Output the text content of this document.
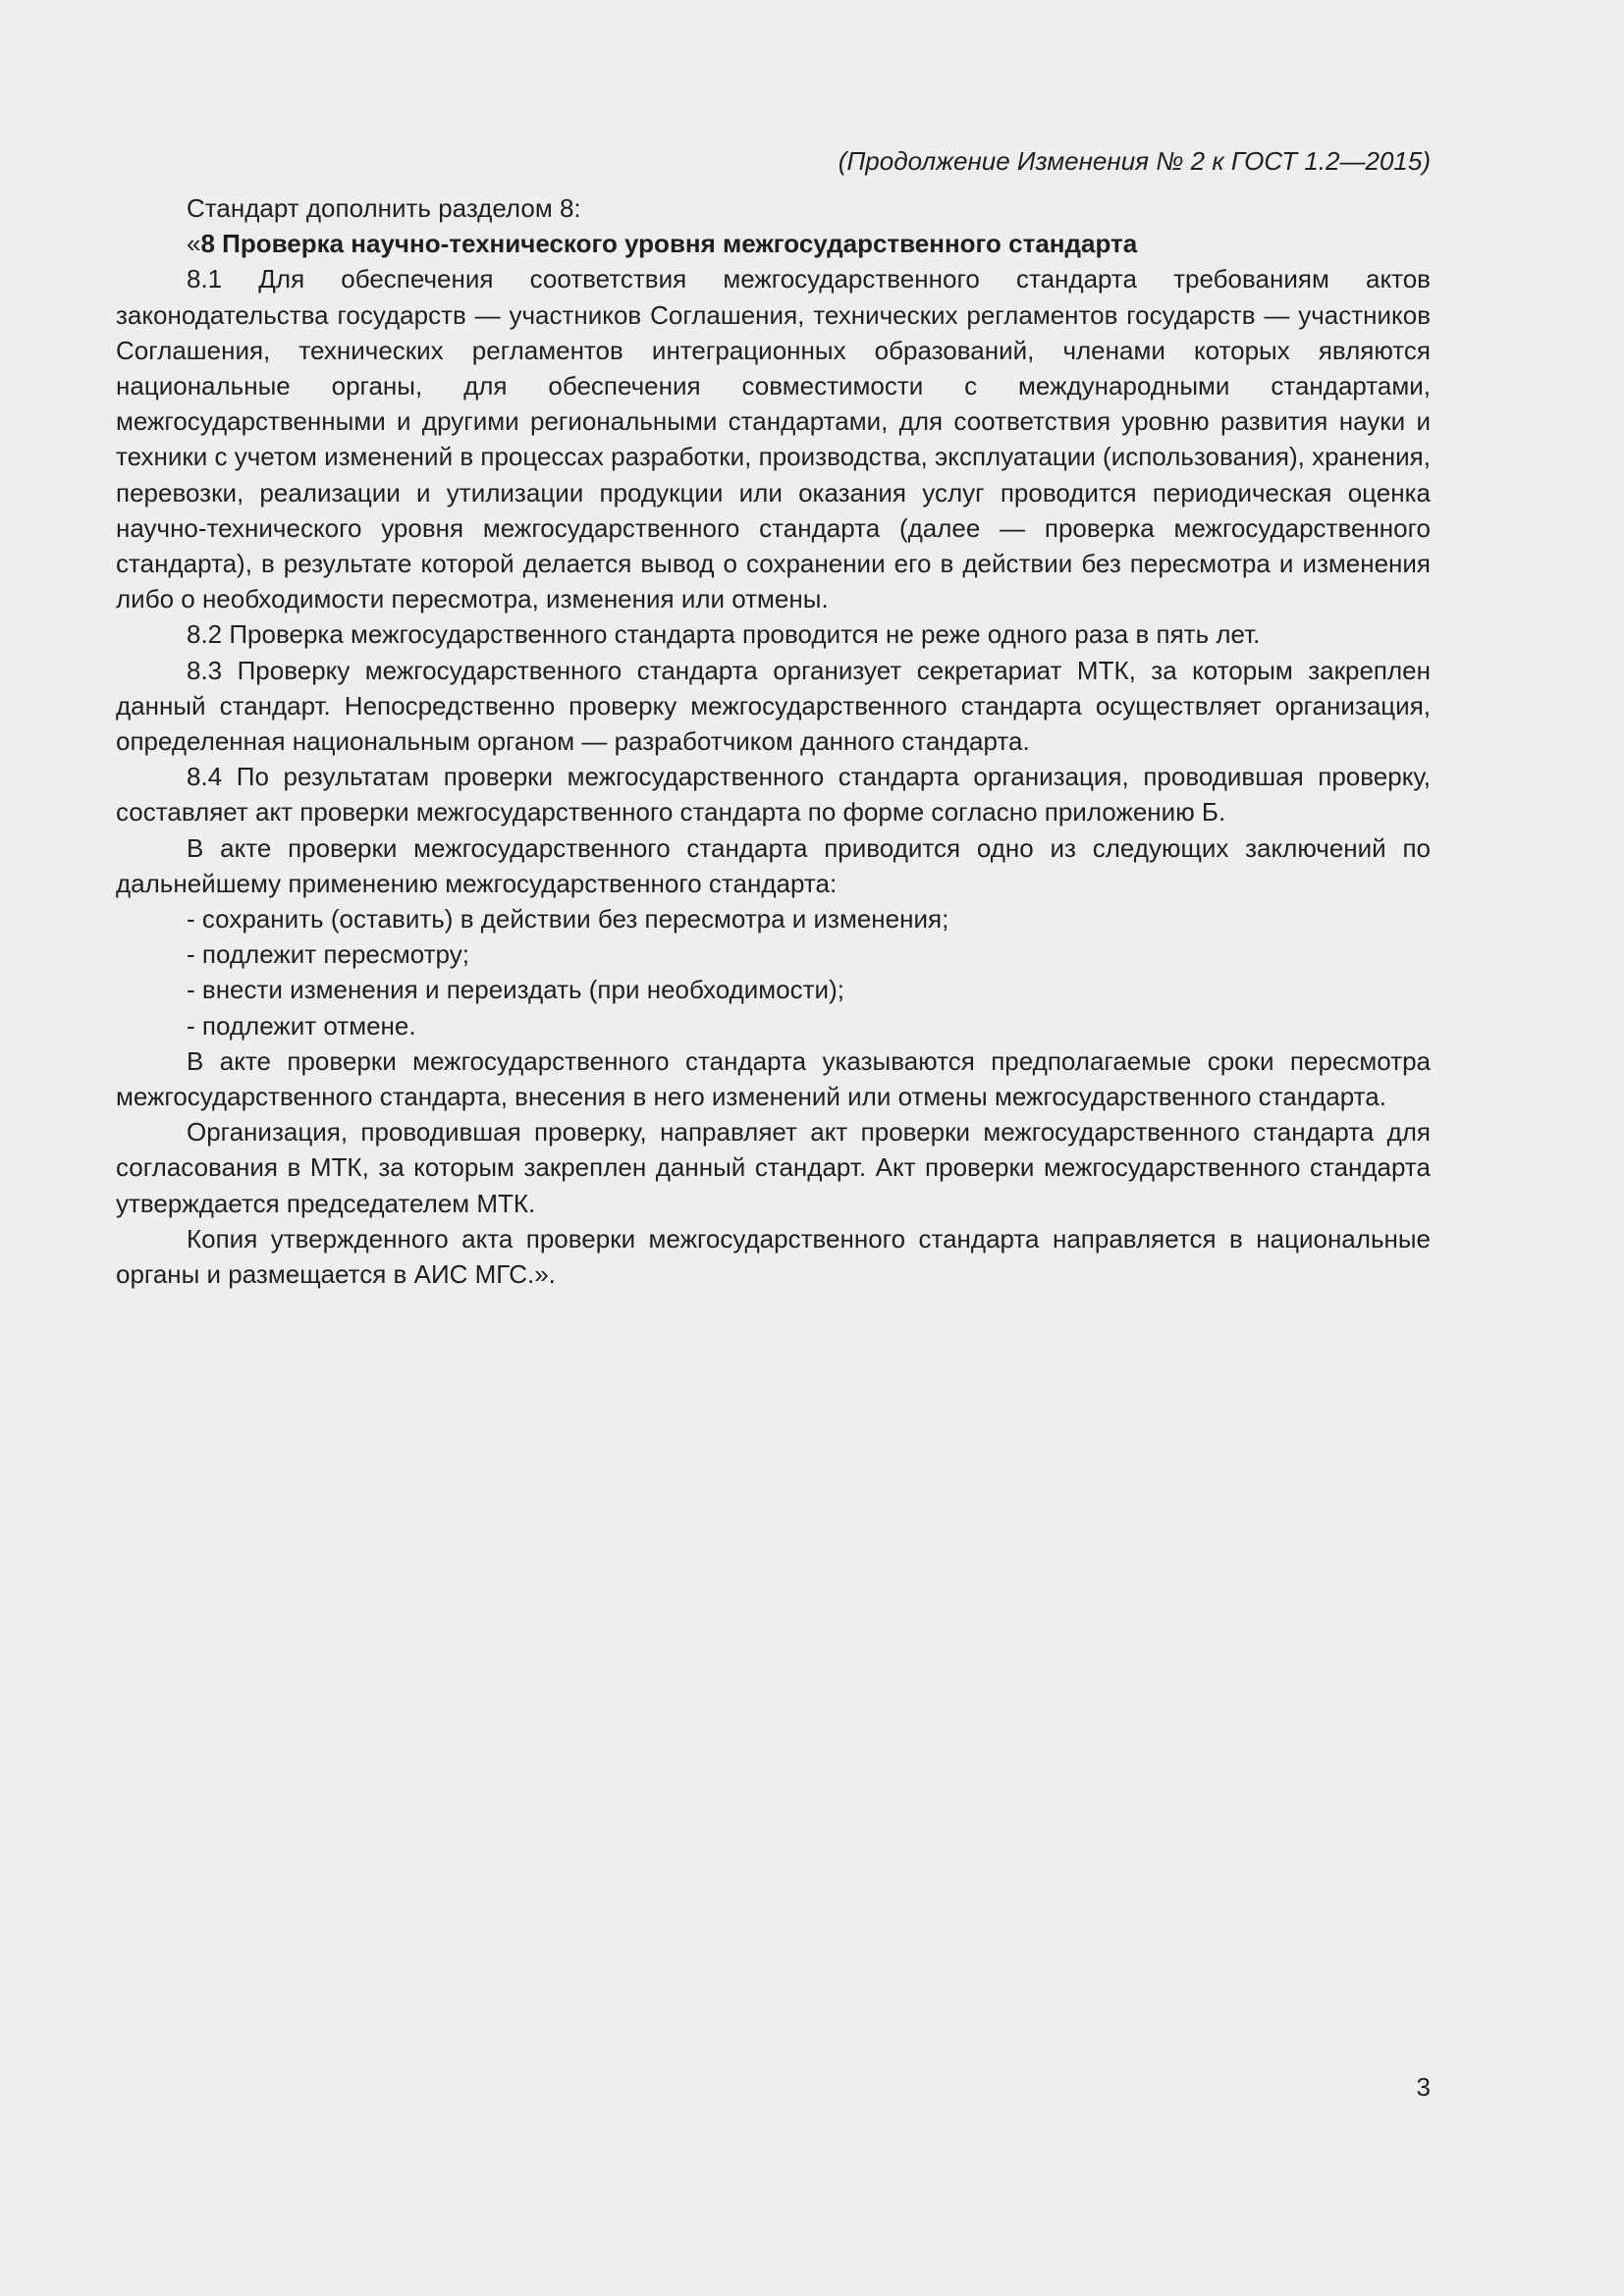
(Продолжение Изменения № 2 к ГОСТ 1.2—2015)

Стандарт дополнить разделом 8:

«8 Проверка научно-технического уровня межгосударственного стандарта

8.1 Для обеспечения соответствия межгосударственного стандарта требованиям актов законодательства государств — участников Соглашения, технических регламентов государств — участников Соглашения, технических регламентов интеграционных образований, членами которых являются национальные органы, для обеспечения совместимости с международными стандартами, межгосударственными и другими региональными стандартами, для соответствия уровню развития науки и техники с учетом изменений в процессах разработки, производства, эксплуатации (использования), хранения, перевозки, реализации и утилизации продукции или оказания услуг проводится периодическая оценка научно-технического уровня межгосударственного стандарта (далее — проверка межгосударственного стандарта), в результате которой делается вывод о сохранении его в действии без пересмотра и изменения либо о необходимости пересмотра, изменения или отмены.

8.2 Проверка межгосударственного стандарта проводится не реже одного раза в пять лет.

8.3 Проверку межгосударственного стандарта организует секретариат МТК, за которым закреплен данный стандарт. Непосредственно проверку межгосударственного стандарта осуществляет организация, определенная национальным органом — разработчиком данного стандарта.

8.4 По результатам проверки межгосударственного стандарта организация, проводившая проверку, составляет акт проверки межгосударственного стандарта по форме согласно приложению Б.

В акте проверки межгосударственного стандарта приводится одно из следующих заключений по дальнейшему применению межгосударственного стандарта:

- сохранить (оставить) в действии без пересмотра и изменения;

- подлежит пересмотру;

- внести изменения и переиздать (при необходимости);

- подлежит отмене.

В акте проверки межгосударственного стандарта указываются предполагаемые сроки пересмотра межгосударственного стандарта, внесения в него изменений или отмены межгосударственного стандарта.

Организация, проводившая проверку, направляет акт проверки межгосударственного стандарта для согласования в МТК, за которым закреплен данный стандарт. Акт проверки межгосударственного стандарта утверждается председателем МТК.

Копия утвержденного акта проверки межгосударственного стандарта направляется в национальные органы и размещается в АИС МГС.».

3
